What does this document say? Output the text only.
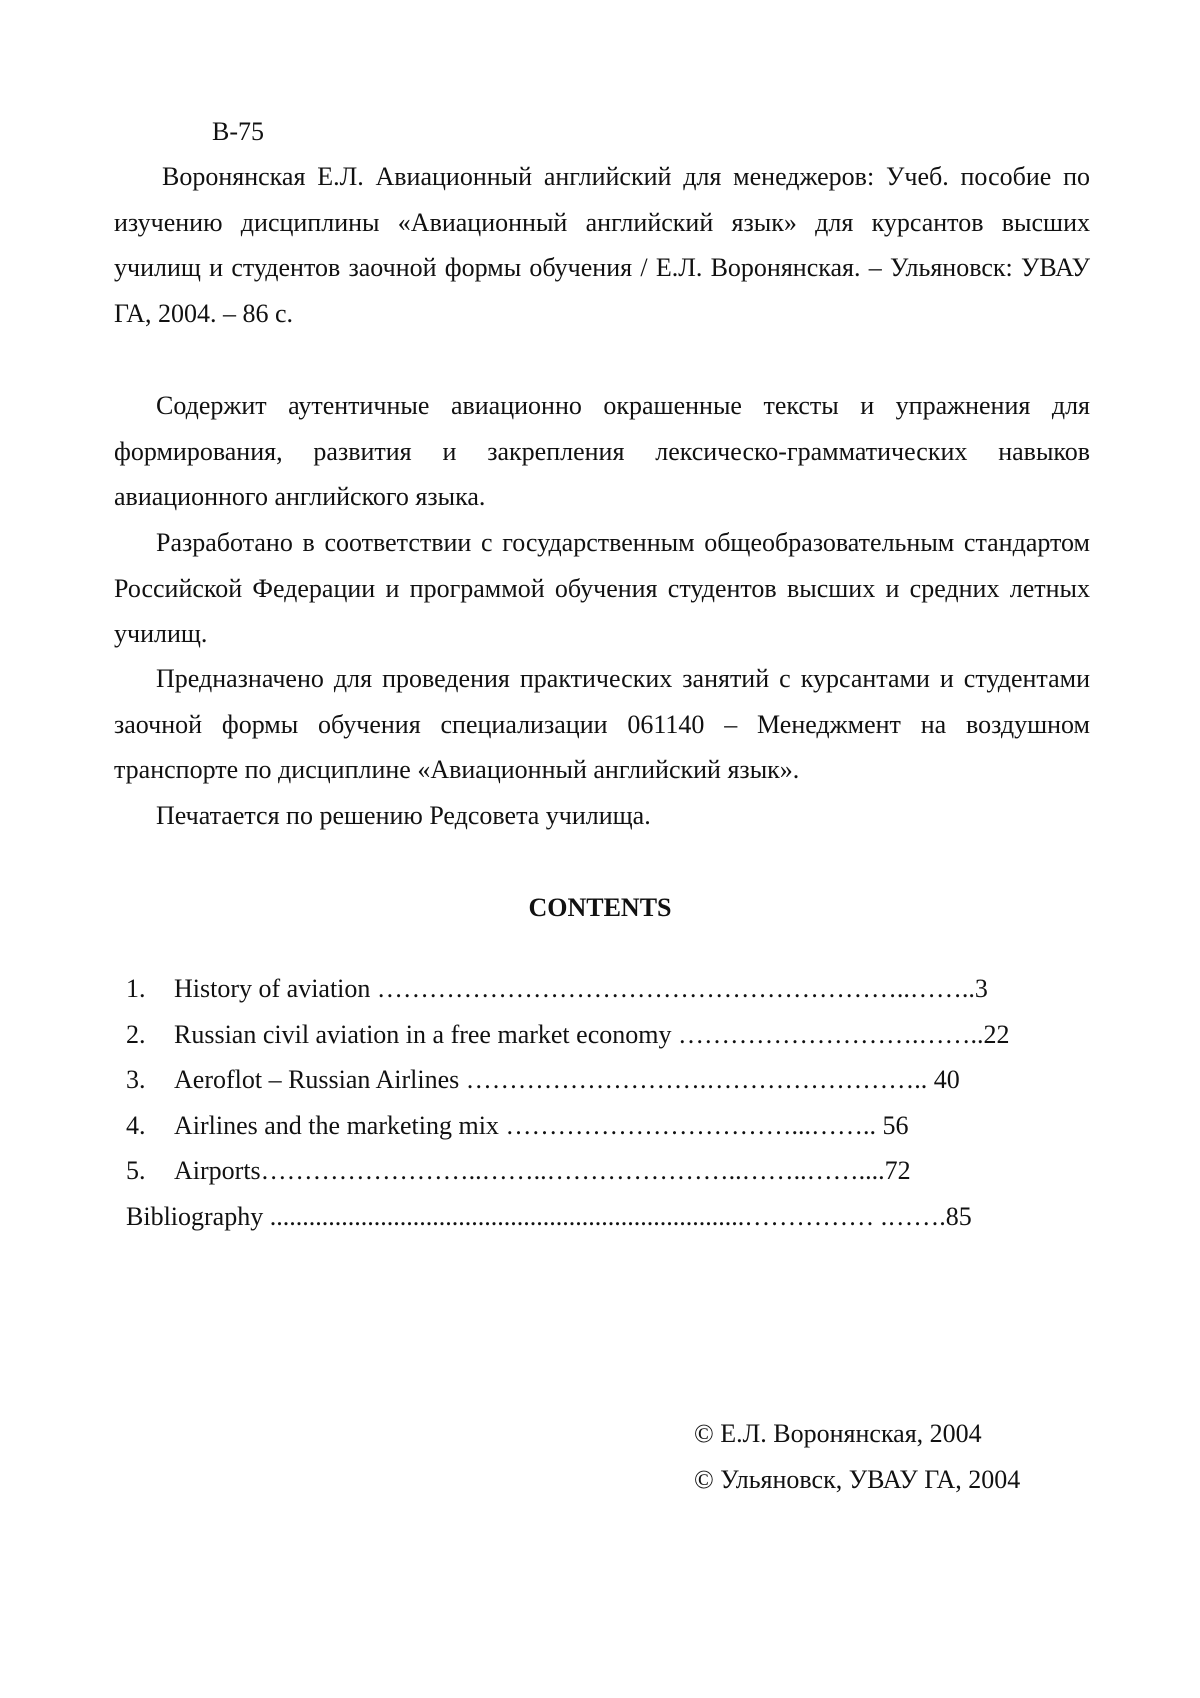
В-75

Воронянская Е.Л. Авиационный английский для менеджеров: Учеб. пособие по изучению дисциплины «Авиационный английский язык» для курсантов высших училищ и студентов заочной формы обучения / Е.Л. Воронянская. – Ульяновск: УВАУ ГА, 2004. – 86 с.

Содержит аутентичные авиационно окрашенные тексты и упражнения для формирования, развития и закрепления лексическо-грамматических навыков авиационного английского языка.

Разработано в соответствии с государственным общеобразовательным стандартом Российской Федерации и программой обучения студентов высших и средних летных училищ.

Предназначено для проведения практических занятий с курсантами и студентами заочной формы обучения специализации 061140 – Менеджмент на воздушном транспорте по дисциплине «Авиационный английский язык».

Печатается по решению Редсовета училища.

CONTENTS
1. History of aviation ……………………………………………………..……..3
2. Russian civil aviation in a free market economy ……………………….……..22
3. Aeroflot – Russian Airlines ……………………….…………………….. 40
4. Airlines and the marketing mix ……………………………...…….. 56
5. Airports……………………..……..…………………..……..……....72
Bibliography .........................................................................…………… .…….85
© Е.Л. Воронянская, 2004
© Ульяновск, УВАУ ГА, 2004
